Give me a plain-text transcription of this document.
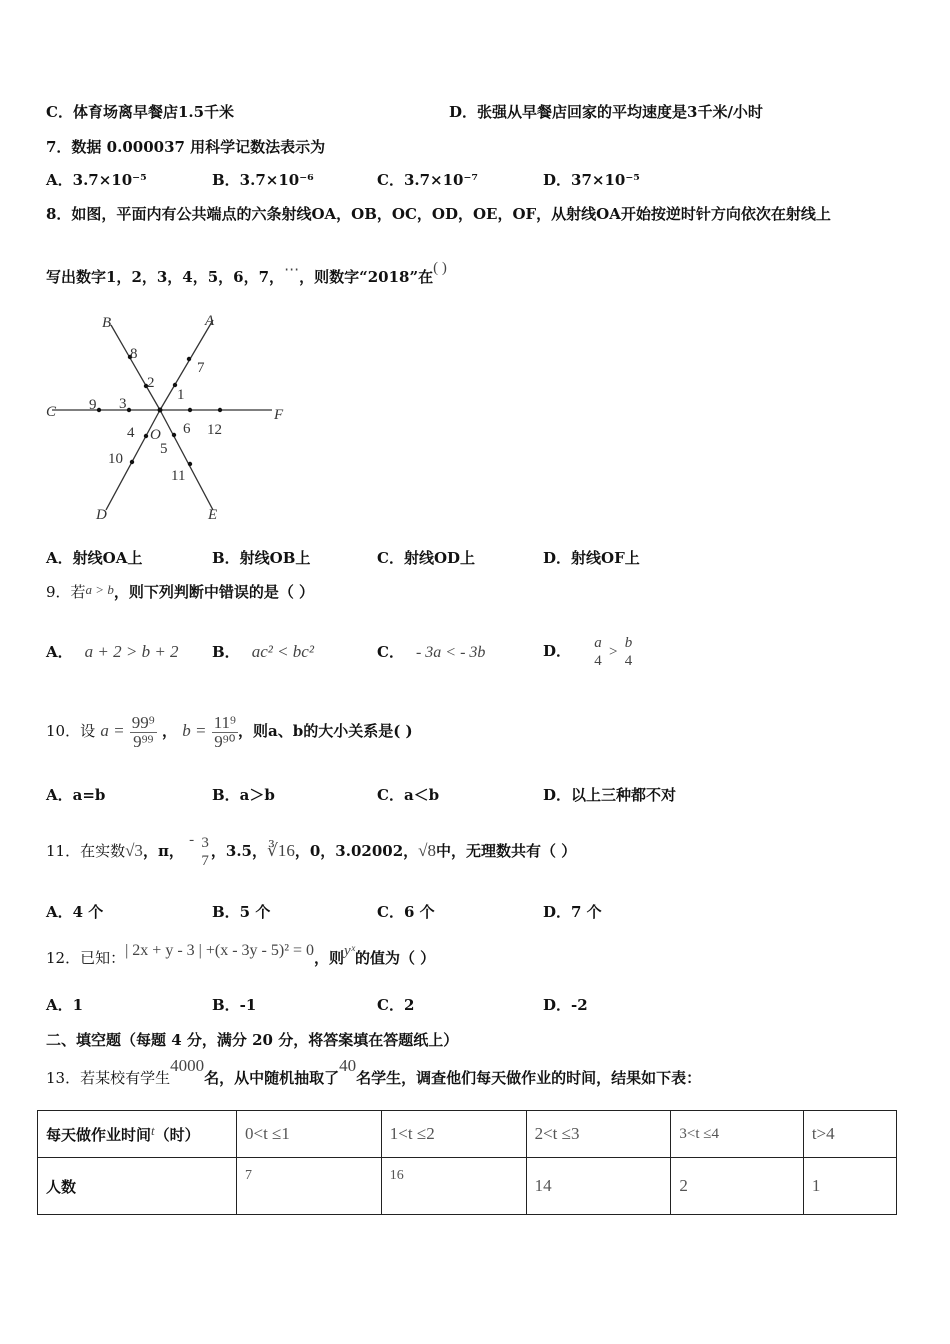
C．体育场离早餐店1.5千米	D．张强从早餐店回家的平均速度是3千米/小时
7．数据 0.000037 用科学记数法表示为
A．3.7×10⁻⁵	B．3.7×10⁻⁶	C．3.7×10⁻⁷	D．37×10⁻⁵
8．如图，平面内有公共端点的六条射线OA，OB，OC，OD，OE，OF，从射线OA开始按逆时针方向依次在射线上
写出数字1，2，3，4，5，6，7，⋯，则数字“2018”在( )
A
B
C
D	E
F
O
1
2
3
4
5
6
7
8
9
10
11
12
A．射线OA上	B．射线OB上	C．射线OD上	D．射线OF上
9．若a > b，则下列判断中错误的是（ ）
A． a + 2 > b + 2 B． ac² < bc²	C． - 3a < - 3b	D． a
4
>
b
4
10．设 $a = \frac{\text{99⁹}}{\text{9⁹⁹}}$ ， $b = \frac{\text{11⁹}}{\text{9⁹⁰}}$ ，则a、b的大小关系是( )
A．a=b	B．a＞b	C．a＜b	D．以上三种都不对
11．在实数√3，π， - 3
7
，3.5，∛16，0，3.02002，√8中，无理数共有（ ）
A．4 个	B．5 个	C．6 个	D．7 个
12．已知：| 2x + y - 3 | +(x - 3y - 5)² = 0，则yˣ的值为（ ）
A．1	B．-1	C．2	D．-2
二、填空题（每题 4 分，满分 20 分，将答案填在答题纸上）
13．若某校有学生4000名，从中随机抽取了40名学生，调查他们每天做作业的时间，结果如下表：
每天做作业时间t（时）	0<t ≤1	1<t ≤2	2<t ≤3	3<t ≤4	t>4
人数	7	16	14	2	1
